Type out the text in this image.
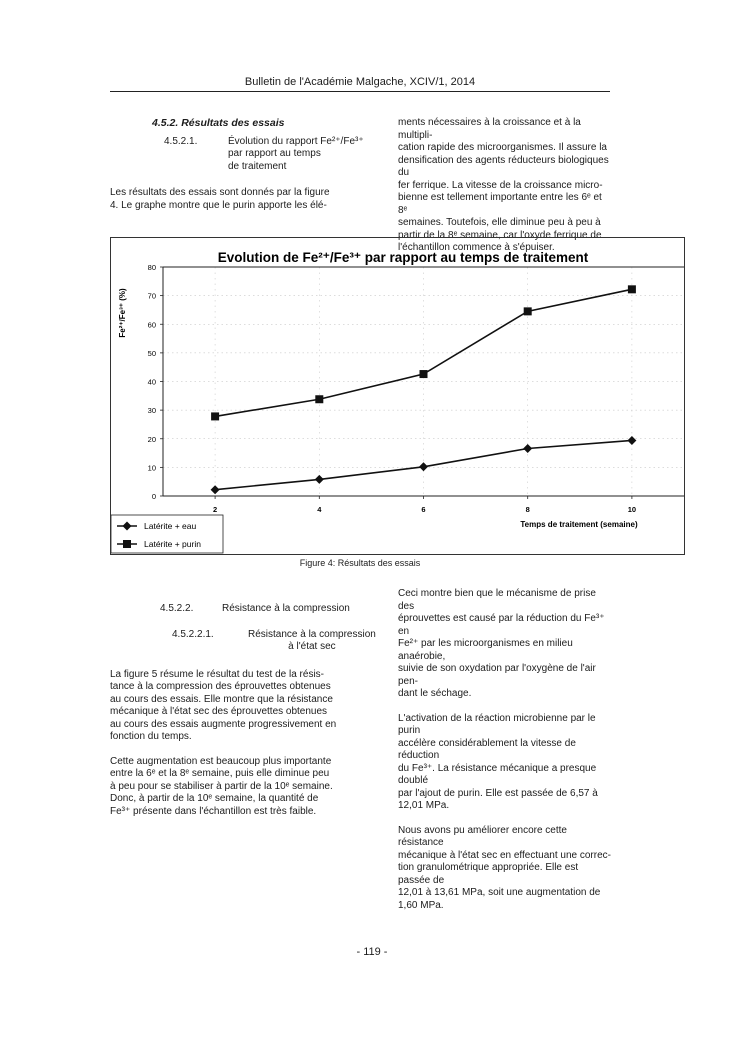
Bulletin de l'Académie Malgache, XCIV/1, 2014
4.5.2. Résultats des essais
4.5.2.1.	Évolution du rapport Fe²⁺/Fe³⁺
par rapport au temps
de traitement
Les résultats des essais sont donnés par la figure
4. Le graphe montre que le purin apporte les élé-
ments nécessaires à la croissance et à la multipli-
cation rapide des microorganismes. Il assure la
densification des agents réducteurs biologiques du
fer ferrique. La vitesse de la croissance micro-
bienne est tellement importante entre les 6ᵉ et 8ᵉ
semaines. Toutefois, elle diminue peu à peu à
partir de la 8ᵉ semaine, car l'oxyde ferrique de
l'échantillon commence à s'épuiser.
Evolution de Fe²⁺/Fe³⁺ par rapport au temps de traitement
Fe²⁺/Fe³⁺ (%)
Temps de traitement (semaine)
0
10
20
30
40
50
60
70
80
2	4	6	8	10
Latérite + eau
Latérite + purin
Figure 4: Résultats des essais
4.5.2.2.	Résistance à la compression
4.5.2.2.1.	Résistance à la compression
à l'état sec
La figure 5 résume le résultat du test de la résis-
tance à la compression des éprouvettes obtenues
au cours des essais. Elle montre que la résistance
mécanique à l'état sec des éprouvettes obtenues
au cours des essais augmente progressivement en
fonction du temps.
Cette augmentation est beaucoup plus importante
entre la 6ᵉ et la 8ᵉ semaine, puis elle diminue peu
à peu pour se stabiliser à partir de la 10ᵉ semaine.
Donc, à partir de la 10ᵉ semaine, la quantité de
Fe³⁺ présente dans l'échantillon est très faible.
Ceci montre bien que le mécanisme de prise des
éprouvettes est causé par la réduction du Fe³⁺ en
Fe²⁺ par les microorganismes en milieu anaérobie,
suivie de son oxydation par l'oxygène de l'air pen-
dant le séchage.
L'activation de la réaction microbienne par le purin
accélère considérablement la vitesse de réduction
du Fe³⁺. La résistance mécanique a presque doublé
par l'ajout de purin. Elle est passée de 6,57 à
12,01 MPa.
Nous avons pu améliorer encore cette résistance
mécanique à l'état sec en effectuant une correc-
tion granulométrique appropriée. Elle est passée de
12,01 à 13,61 MPa, soit une augmentation de
1,60 MPa.
- 119 -
